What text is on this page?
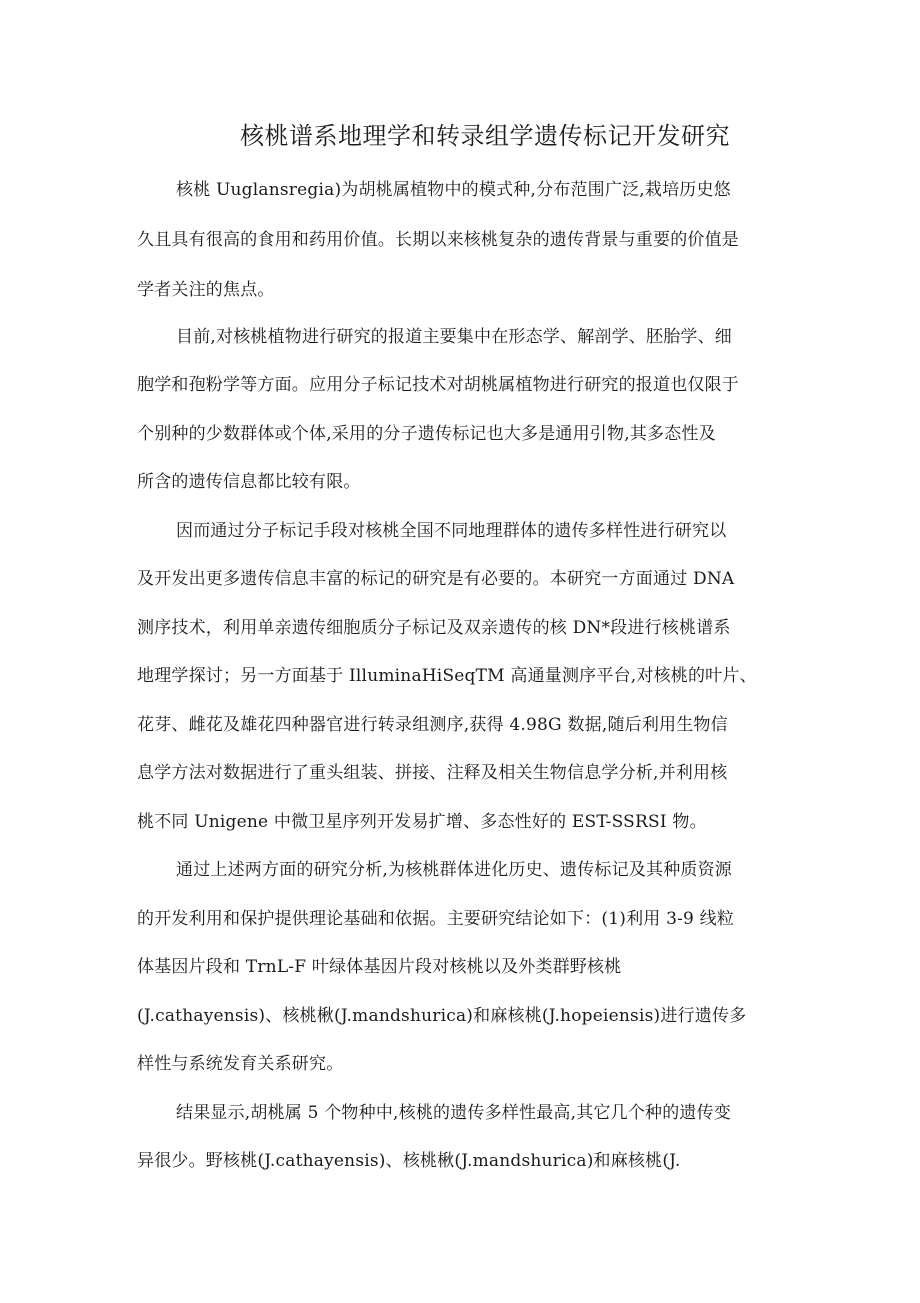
核桃谱系地理学和转录组学遗传标记开发研究
核桃 Uuglansregia)为胡桃属植物中的模式种,分布范围广泛,栽培历史悠
久且具有很高的食用和药用价值。长期以来核桃复杂的遗传背景与重要的价值是
学者关注的焦点。
目前,对核桃植物进行研究的报道主要集中在形态学、解剖学、胚胎学、细
胞学和孢粉学等方面。应用分子标记技术对胡桃属植物进行研究的报道也仅限于
个别种的少数群体或个体,采用的分子遗传标记也大多是通用引物,其多态性及
所含的遗传信息都比较有限。
因而通过分子标记手段对核桃全国不同地理群体的遗传多样性进行研究以
及开发出更多遗传信息丰富的标记的研究是有必要的。本研究一方面通过 DNA
测序技术，利用单亲遗传细胞质分子标记及双亲遗传的核 DN*段进行核桃谱系
地理学探讨；另一方面基于 IlluminaHiSeqTM 高通量测序平台,对核桃的叶片、
花芽、雌花及雄花四种器官进行转录组测序,获得 4.98G 数据,随后利用生物信
息学方法对数据进行了重头组装、拼接、注释及相关生物信息学分析,并利用核
桃不同 Unigene 中微卫星序列开发易扩增、多态性好的 EST-SSRSI 物。
通过上述两方面的研究分析,为核桃群体进化历史、遗传标记及其种质资源
的开发利用和保护提供理论基础和依据。主要研究结论如下：(1)利用 3-9 线粒
体基因片段和 TrnL-F 叶绿体基因片段对核桃以及外类群野核桃
(J.cathayensis)、核桃楸(J.mandshurica)和麻核桃(J.hopeiensis)进行遗传多
样性与系统发育关系研究。
结果显示,胡桃属 5 个物种中,核桃的遗传多样性最高,其它几个种的遗传变
异很少。野核桃(J.cathayensis)、核桃楸(J.mandshurica)和麻核桃(J.
